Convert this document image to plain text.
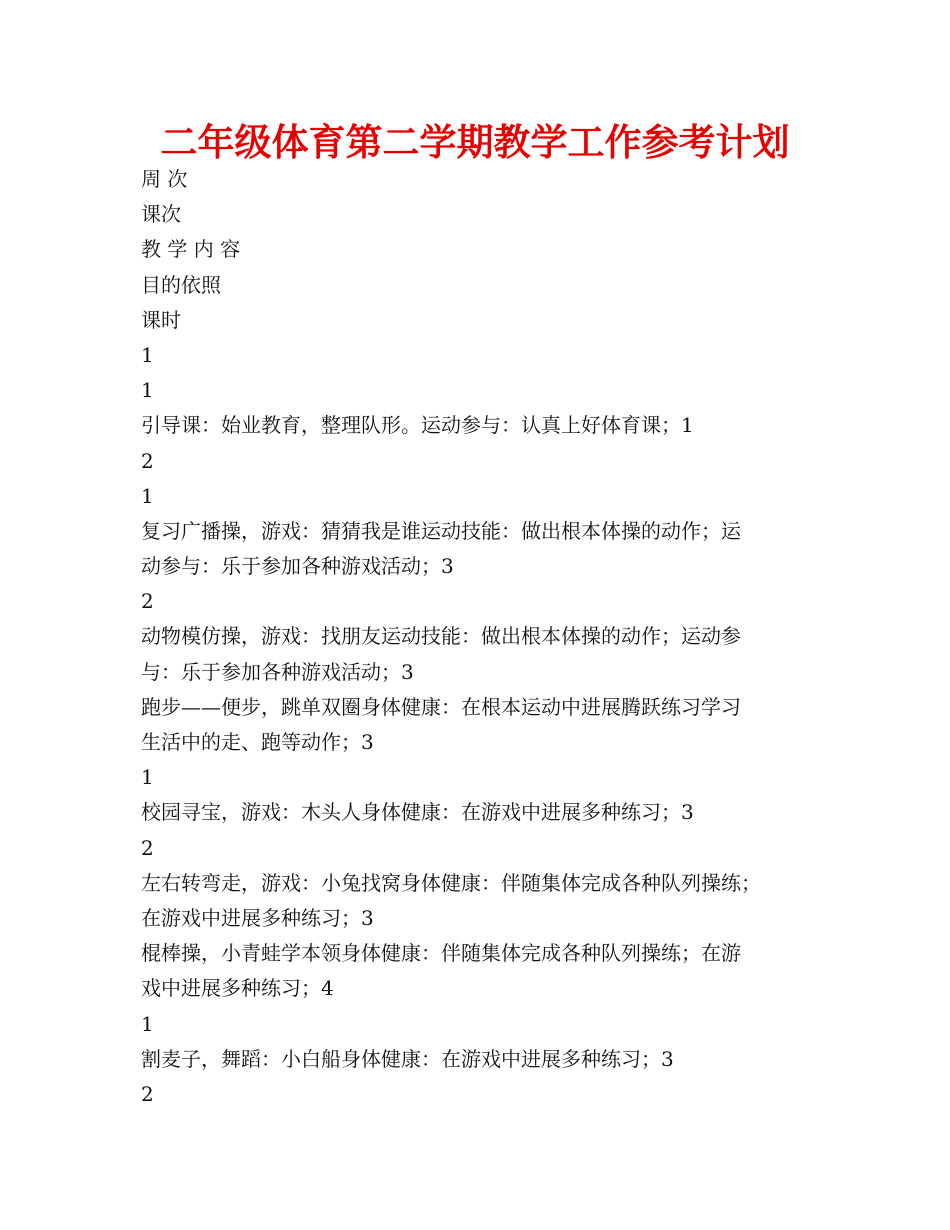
二年级体育第二学期教学工作参考计划
周 次
课次
教 学 内 容
目的依照
课时
1
1
引导课：始业教育，整理队形。运动参与：认真上好体育课；1
2
1
复习广播操，游戏：猜猜我是谁运动技能：做出根本体操的动作；运
动参与：乐于参加各种游戏活动；3
2
动物模仿操，游戏：找朋友运动技能：做出根本体操的动作；运动参
与：乐于参加各种游戏活动；3
跑步——便步，跳单双圈身体健康：在根本运动中进展腾跃练习学习
生活中的走、跑等动作；3
1
校园寻宝，游戏：木头人身体健康：在游戏中进展多种练习；3
2
左右转弯走，游戏：小兔找窝身体健康：伴随集体完成各种队列操练；
在游戏中进展多种练习；3
棍棒操，小青蛙学本领身体健康：伴随集体完成各种队列操练；在游
戏中进展多种练习；4
1
割麦子，舞蹈：小白船身体健康：在游戏中进展多种练习；3
2
